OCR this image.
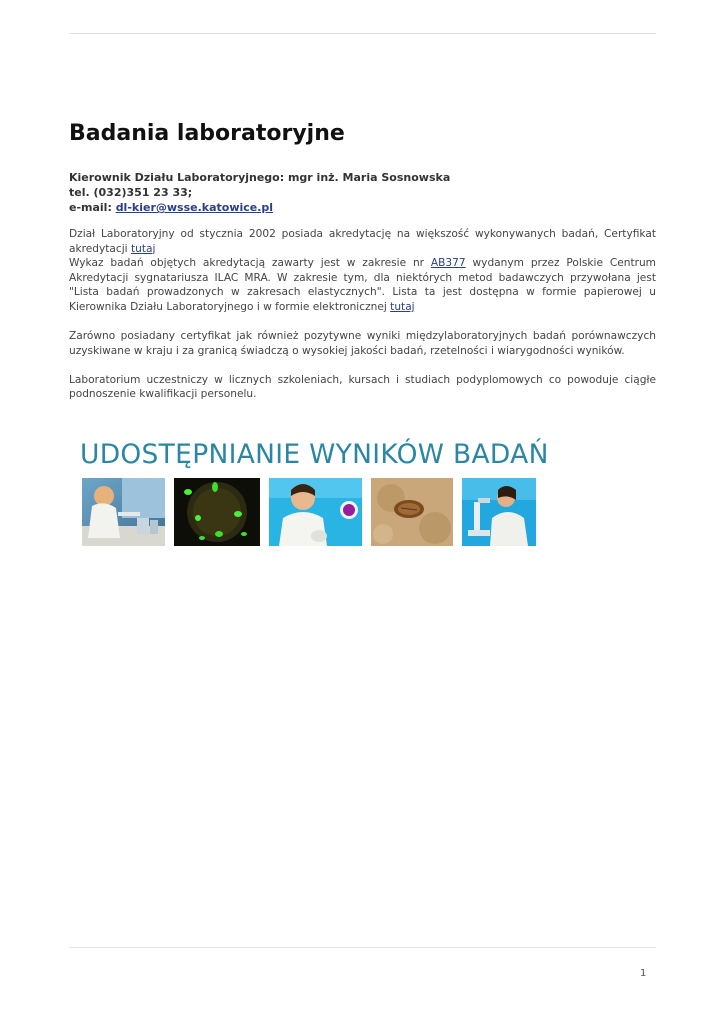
Badania laboratoryjne
Kierownik Działu Laboratoryjnego: mgr inż. Maria Sosnowska
tel. (032)351 23 33;
e-mail: dl-kier@wsse.katowice.pl

Dział Laboratoryjny od stycznia 2002 posiada akredytację na większość wykonywanych badań, Certyfikat akredytacji tutaj
Wykaz badań objętych akredytacją zawarty jest w zakresie nr AB377 wydanym przez Polskie Centrum Akredytacji sygnatariusza ILAC MRA. W zakresie tym, dla niektórych metod badawczych przywołana jest "Lista badań prowadzonych w zakresach elastycznych". Lista ta jest dostępna w formie papierowej u Kierownika Działu Laboratoryjnego i w formie elektronicznej tutaj

Zarówno posiadany certyfikat jak również pozytywne wyniki międzylaboratoryjnych badań porównawczych uzyskiwane w kraju i za granicą świadczą o wysokiej jakości badań, rzetelności i wiarygodności wyników.

Laboratorium uczestniczy w licznych szkoleniach, kursach i studiach podyplomowych co powoduje ciągłe podnoszenie kwalifikacji personelu.

UDOSTĘPNIANIE WYNIKÓW BADAŃ
1
